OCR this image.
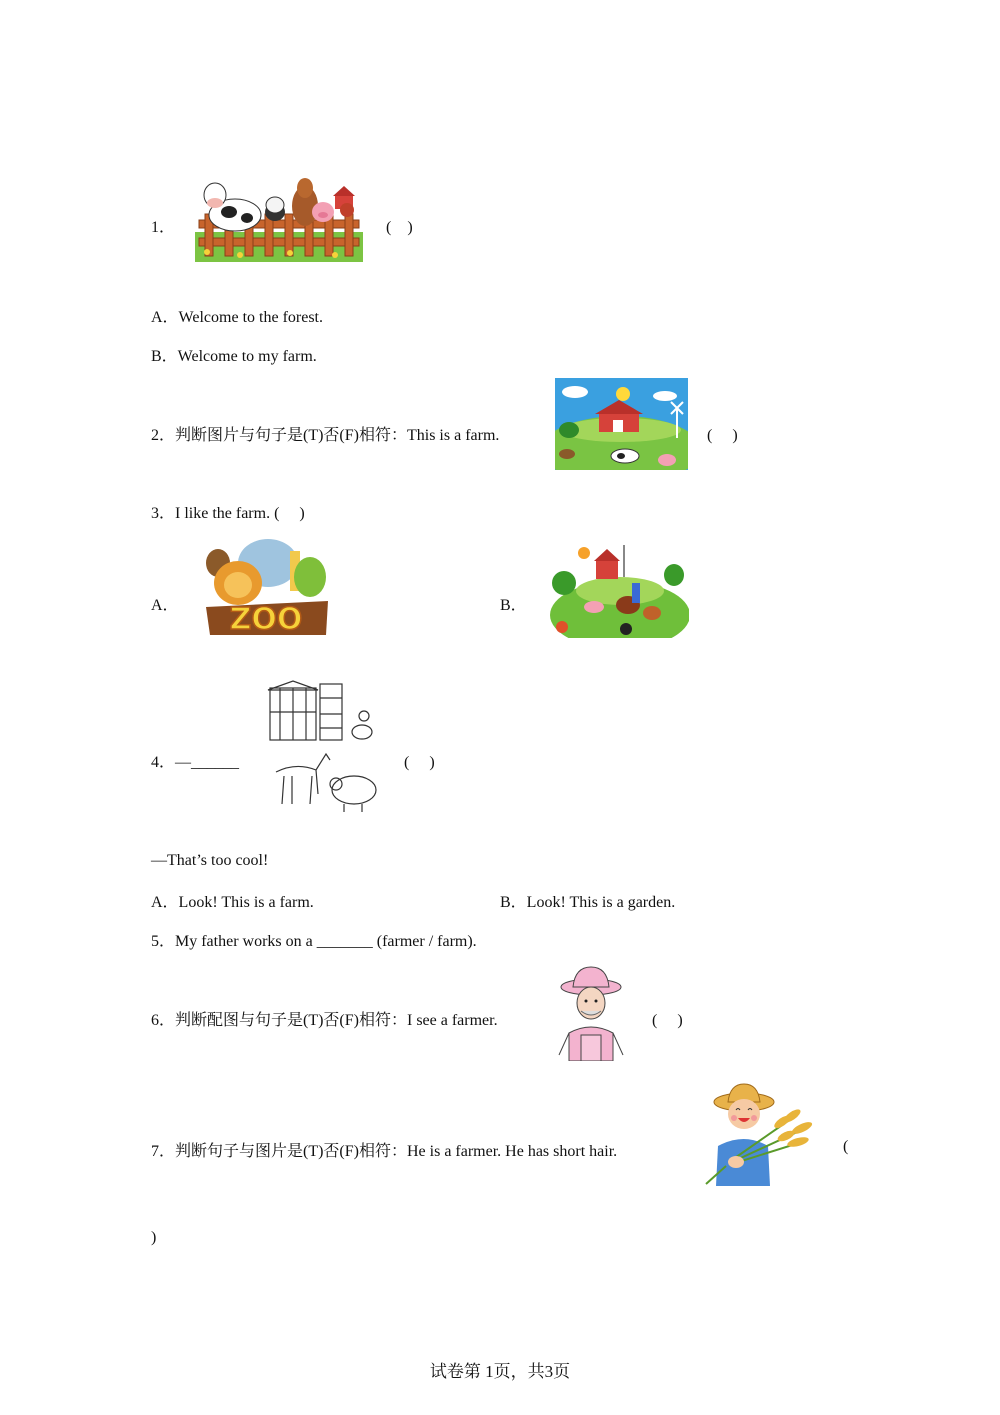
1．	(　)
A．Welcome to the forest.
B．Welcome to my farm.
2．判断图片与句子是(T)否(F)相符：This is a farm.	(　 )
3．I like the farm. (　 )
A． ZOO	B．
4．—______	(　 )
—That’s too cool!
A．Look! This is a farm.	B．Look! This is a garden.
5．My father works on a _______ (farmer / farm).
6．判断配图与句子是(T)否(F)相符：I see a farmer.	(　 )
7．判断句子与图片是(T)否(F)相符：He is a farmer. He has short hair.	(
)
试卷第 1页，共3页
